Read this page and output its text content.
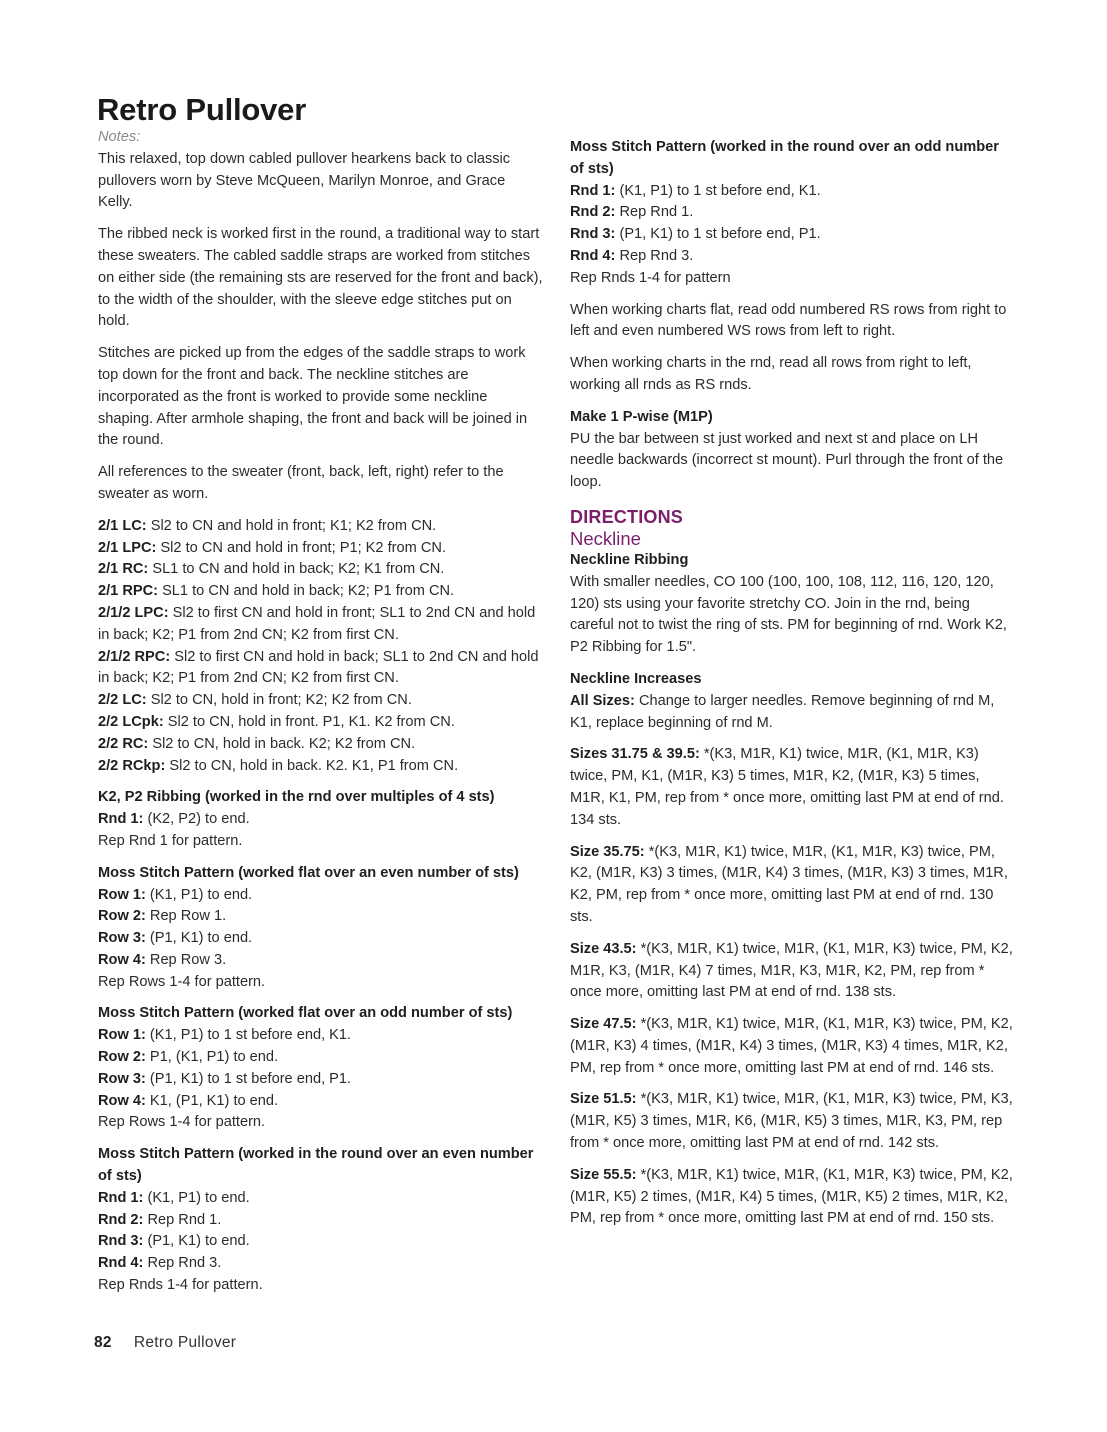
Retro Pullover

Notes:

This relaxed, top down cabled pullover hearkens back to classic pullovers worn by Steve McQueen, Marilyn Monroe, and Grace Kelly.

The ribbed neck is worked first in the round, a traditional way to start these sweaters. The cabled saddle straps are worked from stitches on either side (the remaining sts are reserved for the front and back), to the width of the shoulder, with the sleeve edge stitches put on hold.

Stitches are picked up from the edges of the saddle straps to work top down for the front and back. The neckline stitches are incorporated as the front is worked to provide some neckline shaping. After armhole shaping, the front and back will be joined in the round.

All references to the sweater (front, back, left, right) refer to the sweater as worn.

2/1 LC: Sl2 to CN and hold in front; K1; K2 from CN.

2/1 LPC: Sl2 to CN and hold in front; P1; K2 from CN.

2/1 RC: SL1 to CN and hold in back; K2; K1 from CN.

2/1 RPC: SL1 to CN and hold in back; K2; P1 from CN.

2/1/2 LPC: Sl2 to first CN and hold in front; SL1 to 2nd CN and hold in back; K2; P1 from 2nd CN; K2 from first CN.

2/1/2 RPC: Sl2 to first CN and hold in back; SL1 to 2nd CN and hold in back; K2; P1 from 2nd CN; K2 from first CN.

2/2 LC: Sl2 to CN, hold in front; K2; K2 from CN.

2/2 LCpk: Sl2 to CN, hold in front. P1, K1. K2 from CN.

2/2 RC: Sl2 to CN, hold in back. K2; K2 from CN.

2/2 RCkp: Sl2 to CN, hold in back. K2. K1, P1 from CN.

K2, P2 Ribbing (worked in the rnd over multiples of 4 sts)

Rnd 1: (K2, P2) to end.

Rep Rnd 1 for pattern.

Moss Stitch Pattern (worked flat over an even number of sts)

Row 1: (K1, P1) to end.

Row 2: Rep Row 1.

Row 3: (P1, K1) to end.

Row 4: Rep Row 3.

Rep Rows 1-4 for pattern.

Moss Stitch Pattern (worked flat over an odd number of sts)

Row 1: (K1, P1) to 1 st before end, K1.

Row 2: P1, (K1, P1) to end.

Row 3: (P1, K1) to 1 st before end, P1.

Row 4: K1, (P1, K1) to end.

Rep Rows 1-4 for pattern.

Moss Stitch Pattern (worked in the round over an even number of sts)

Rnd 1: (K1, P1) to end.

Rnd 2: Rep Rnd 1.

Rnd 3: (P1, K1) to end.

Rnd 4: Rep Rnd 3.

Rep Rnds 1-4 for pattern.

Moss Stitch Pattern (worked in the round over an odd number of sts)

Rnd 1: (K1, P1) to 1 st before end, K1.

Rnd 2: Rep Rnd 1.

Rnd 3: (P1, K1) to 1 st before end, P1.

Rnd 4: Rep Rnd 3.

Rep Rnds 1-4 for pattern

When working charts flat, read odd numbered RS rows from right to left and even numbered WS rows from left to right.

When working charts in the rnd, read all rows from right to left, working all rnds as RS rnds.

Make 1 P-wise (M1P)

PU the bar between st just worked and next st and place on LH needle backwards (incorrect st mount). Purl through the front of the loop.

DIRECTIONS

Neckline

Neckline Ribbing

With smaller needles, CO 100 (100, 100, 108, 112, 116, 120, 120, 120) sts using your favorite stretchy CO. Join in the rnd, being careful not to twist the ring of sts. PM for beginning of rnd. Work K2, P2 Ribbing for 1.5".

Neckline Increases

All Sizes: Change to larger needles. Remove beginning of rnd M, K1, replace beginning of rnd M.

Sizes 31.75 & 39.5: *(K3, M1R, K1) twice, M1R, (K1, M1R, K3) twice, PM, K1, (M1R, K3) 5 times, M1R, K2, (M1R, K3) 5 times, M1R, K1, PM, rep from * once more, omitting last PM at end of rnd. 134 sts.

Size 35.75: *(K3, M1R, K1) twice, M1R, (K1, M1R, K3) twice, PM, K2, (M1R, K3) 3 times, (M1R, K4) 3 times, (M1R, K3) 3 times, M1R, K2, PM, rep from * once more, omitting last PM at end of rnd. 130 sts.

Size 43.5: *(K3, M1R, K1) twice, M1R, (K1, M1R, K3) twice, PM, K2, M1R, K3, (M1R, K4) 7 times, M1R, K3, M1R, K2, PM, rep from * once more, omitting last PM at end of rnd. 138 sts.

Size 47.5: *(K3, M1R, K1) twice, M1R, (K1, M1R, K3) twice, PM, K2, (M1R, K3) 4 times, (M1R, K4) 3 times, (M1R, K3) 4 times, M1R, K2, PM, rep from * once more, omitting last PM at end of rnd. 146 sts.

Size 51.5: *(K3, M1R, K1) twice, M1R, (K1, M1R, K3) twice, PM, K3, (M1R, K5) 3 times, M1R, K6, (M1R, K5) 3 times, M1R, K3, PM, rep from * once more, omitting last PM at end of rnd. 142 sts.

Size 55.5: *(K3, M1R, K1) twice, M1R, (K1, M1R, K3) twice, PM, K2, (M1R, K5) 2 times, (M1R, K4) 5 times, (M1R, K5) 2 times, M1R, K2, PM, rep from * once more, omitting last PM at end of rnd. 150 sts.

82 Retro Pullover
